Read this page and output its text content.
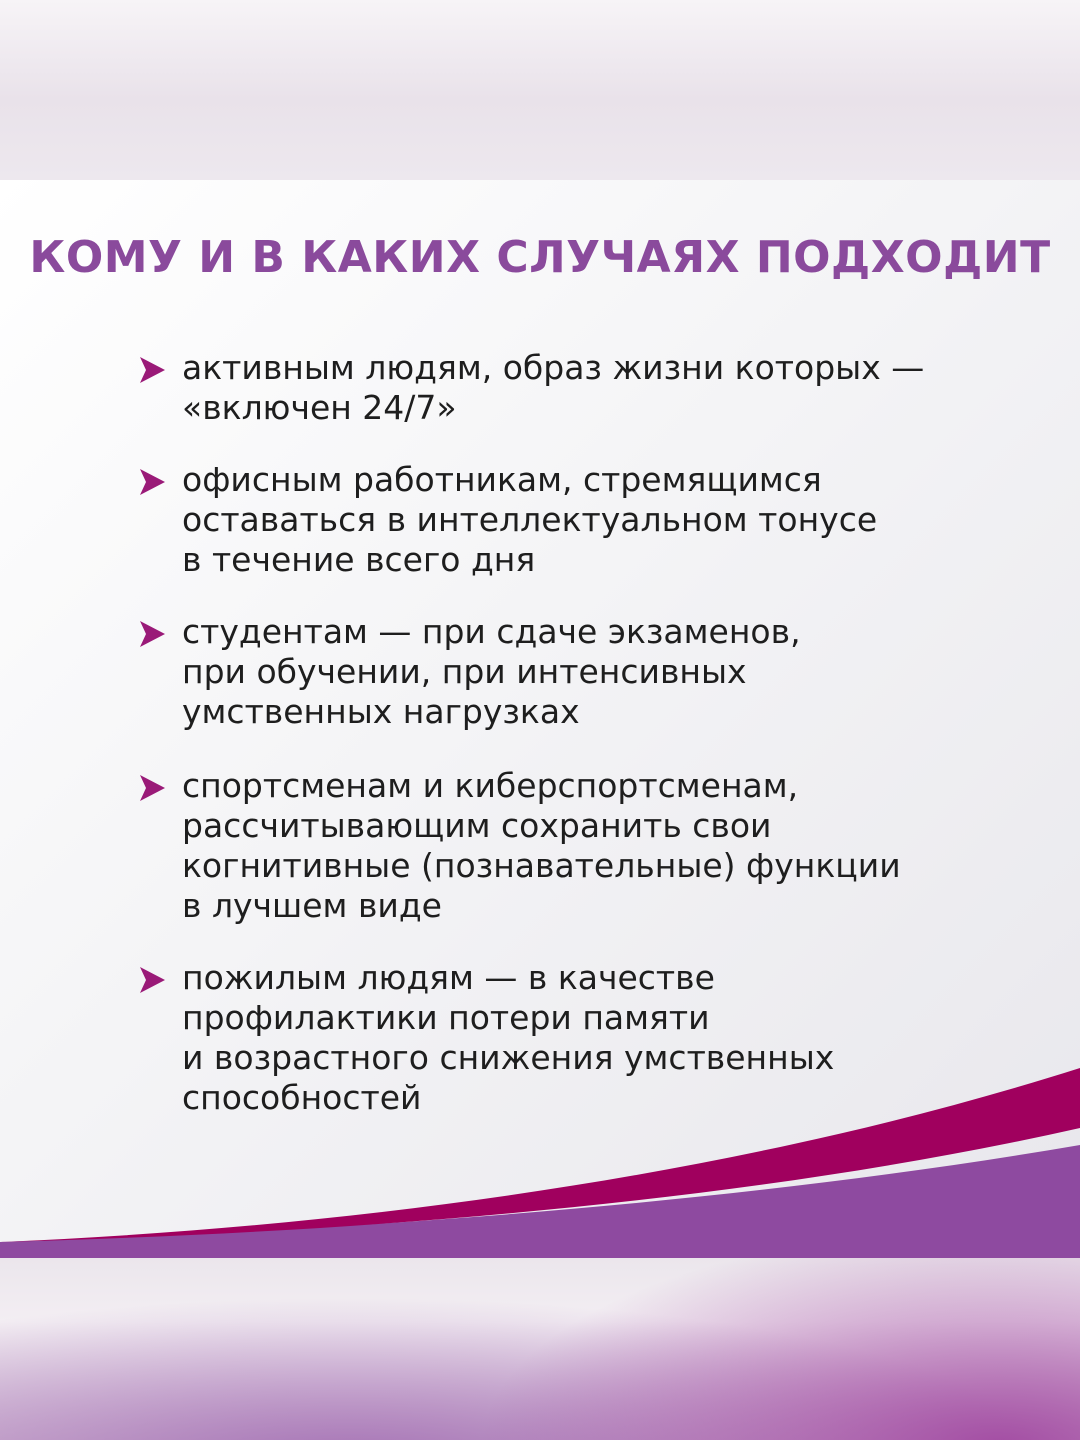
КОМУ И В КАКИХ СЛУЧАЯХ ПОДХОДИТ

активным людям, образ жизни которых —
«включен 24/7»

офисным работникам, стремящимся
оставаться в интеллектуальном тонусе
в течение всего дня

студентам — при сдаче экзаменов,
при обучении, при интенсивных
умственных нагрузках

спортсменам и киберспортсменам,
рассчитывающим сохранить свои
когнитивные (познавательные) функции
в лучшем виде

пожилым людям — в качестве
профилактики потери памяти
и возрастного снижения умственных
способностей
